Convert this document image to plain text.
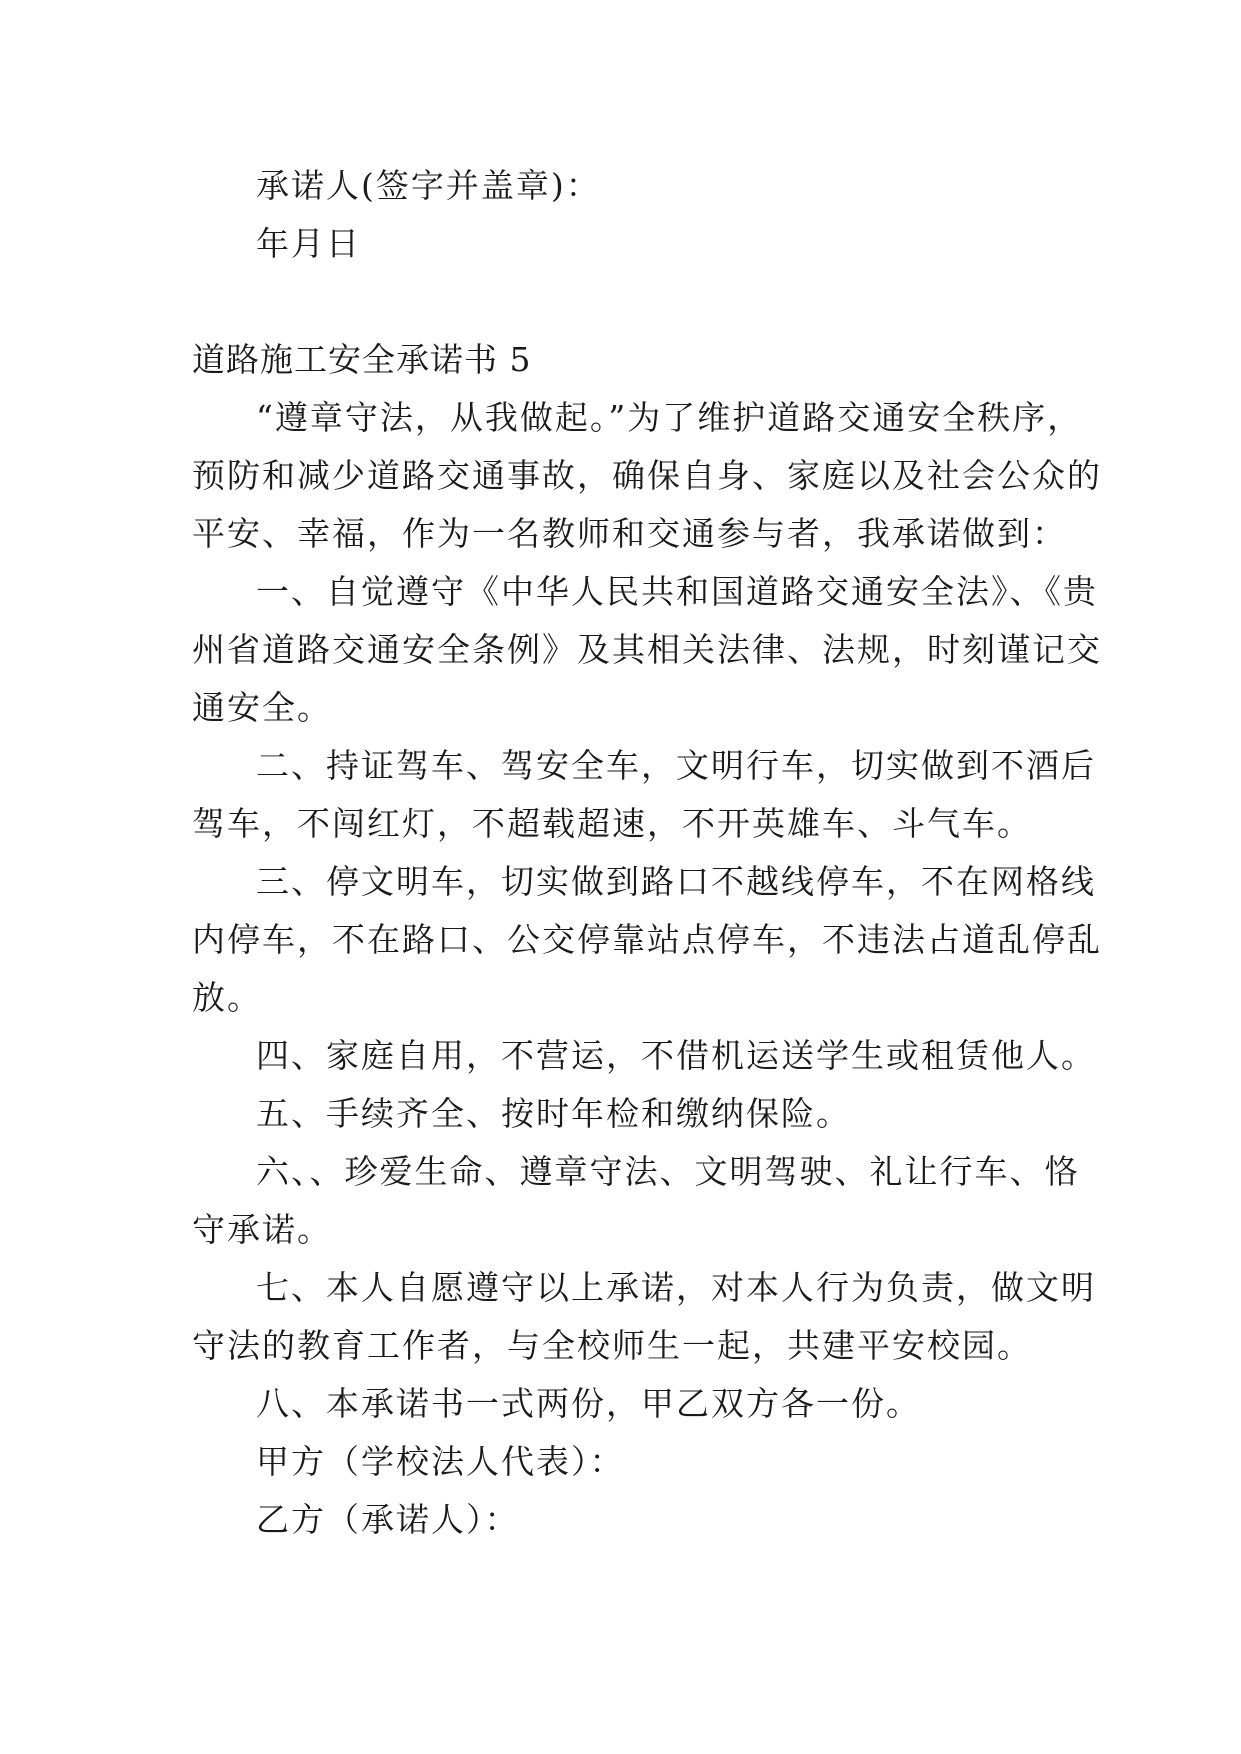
承诺人(签字并盖章)：
年月日
道路施工安全承诺书 5
“遵章守法，从我做起。”为了维护道路交通安全秩序，
预防和减少道路交通事故，确保自身、家庭以及社会公众的
平安、幸福，作为一名教师和交通参与者，我承诺做到：
一、自觉遵守《中华人民共和国道路交通安全法》、《贵
州省道路交通安全条例》及其相关法律、法规，时刻谨记交
通安全。
二、持证驾车、驾安全车，文明行车，切实做到不酒后
驾车，不闯红灯，不超载超速，不开英雄车、斗气车。
三、停文明车，切实做到路口不越线停车，不在网格线
内停车，不在路口、公交停靠站点停车，不违法占道乱停乱
放。
四、家庭自用，不营运，不借机运送学生或租赁他人。
五、手续齐全、按时年检和缴纳保险。
六、、珍爱生命、遵章守法、文明驾驶、礼让行车、恪
守承诺。
七、本人自愿遵守以上承诺，对本人行为负责，做文明
守法的教育工作者，与全校师生一起，共建平安校园。
八、本承诺书一式两份，甲乙双方各一份。
甲方（学校法人代表）：
乙方（承诺人）：
